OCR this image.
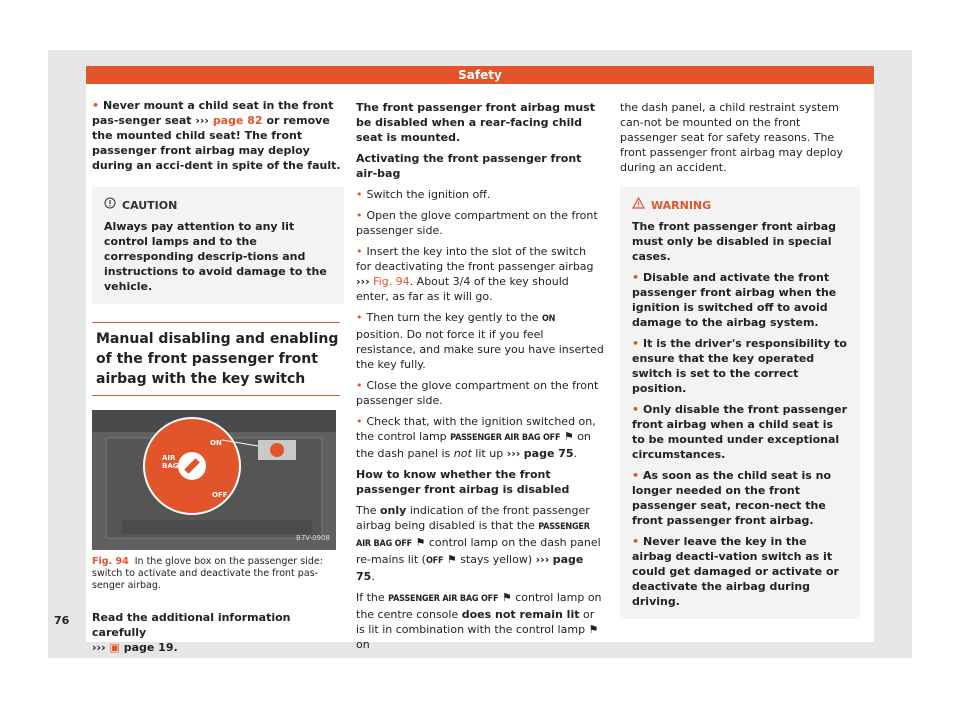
Safety

• Never mount a child seat in the front pas-senger seat ››› page 82 or remove the mounted child seat! The front passenger front airbag may deploy during an acci-dent in spite of the fault.

CAUTION
Always pay attention to any lit control lamps and to the corresponding descrip-tions and instructions to avoid damage to the vehicle.
Manual disabling and enabling of the front passenger front airbag with the key switch
AIR BAG
ON
OFF
B7V-0908
Fig. 94 In the glove box on the passenger side: switch to activate and deactivate the front pas-senger airbag.

Read the additional information carefully
››› ▣ page 19.

The front passenger front airbag must be disabled when a rear-facing child seat is mounted.

Activating the front passenger front air-bag

• Switch the ignition off.

• Open the glove compartment on the front passenger side.

• Insert the key into the slot of the switch for deactivating the front passenger airbag ››› Fig. 94. About 3/4 of the key should enter, as far as it will go.

• Then turn the key gently to the ON position. Do not force it if you feel resistance, and make sure you have inserted the key fully.

• Close the glove compartment on the front passenger side.

• Check that, with the ignition switched on, the control lamp PASSENGER AIR BAG OFF ⚑ on the dash panel is not lit up ››› page 75.

How to know whether the front passenger front airbag is disabled

The only indication of the front passenger airbag being disabled is that the PASSENGER AIR BAG OFF ⚑ control lamp on the dash panel re-mains lit (OFF ⚑ stays yellow) ››› page 75.

If the PASSENGER AIR BAG OFF ⚑ control lamp on the centre console does not remain lit or is lit in combination with the control lamp ⚑ on

the dash panel, a child restraint system can-not be mounted on the front passenger seat for safety reasons. The front passenger front airbag may deploy during an accident.

WARNING

The front passenger front airbag must only be disabled in special cases.

• Disable and activate the front passenger front airbag when the ignition is switched off to avoid damage to the airbag system.

• It is the driver's responsibility to ensure that the key operated switch is set to the correct position.

• Only disable the front passenger front airbag when a child seat is to be mounted under exceptional circumstances.

• As soon as the child seat is no longer needed on the front passenger seat, recon-nect the front passenger front airbag.

• Never leave the key in the airbag deacti-vation switch as it could get damaged or activate or deactivate the airbag during driving.

76
